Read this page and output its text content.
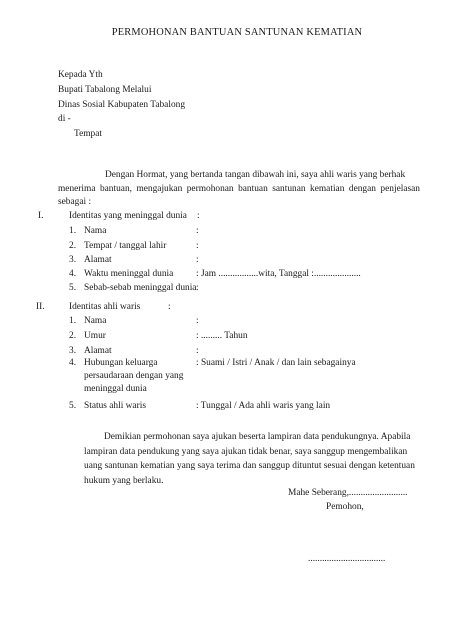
PERMOHONAN BANTUAN SANTUNAN KEMATIAN
Kepada Yth
Bupati Tabalong Melalui
Dinas Sosial Kabupaten Tabalong
di -
Tempat
Dengan Hormat, yang bertanda tangan dibawah ini, saya ahli waris yang berhak
menerima bantuan, mengajukan permohonan bantuan santunan kematian dengan penjelasan
sebagai :
I.	Identitas yang meninggal dunia :
1. Nama	:
2. Tempat / tanggal lahir	:
3. Alamat	:
4. Waktu meninggal dunia : Jam .................wita, Tanggal :....................
5. Sebab-sebab meninggal dunia :
II.	Identitas ahli waris	:
1. Nama	:
2. Umur	: ......... Tahun
3. Alamat	:
4. Hubungan keluarga
persaudaraan dengan yang
meninggal dunia
: Suami / Istri / Anak / dan lain sebagainya
5. Status ahli waris	: Tunggal / Ada ahli waris yang lain
Demikian permohonan saya ajukan beserta lampiran data pendukungnya. Apabila
lampiran data pendukung yang saya ajukan tidak benar, saya sanggup mengembalikan
uang santunan kematian yang saya terima dan sanggup dituntut sesuai dengan ketentuan
hukum yang berlaku.
Mahe Seberang,.........................
Pemohon,
.................................
